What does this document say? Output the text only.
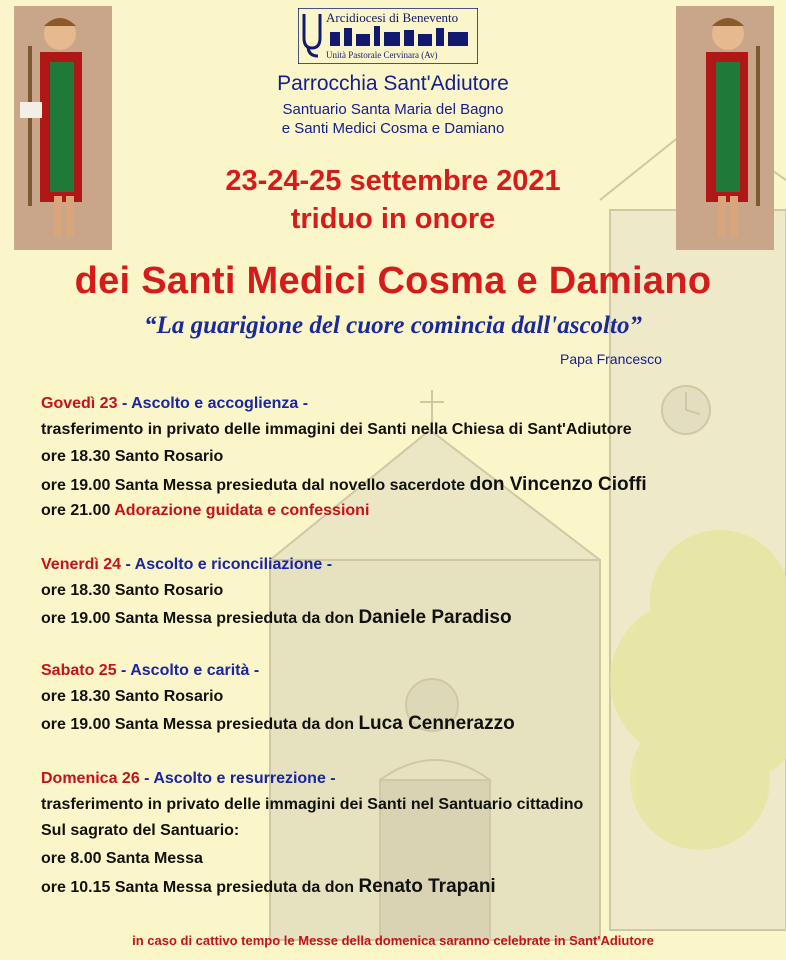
Arcidiocesi di Benevento
Unità Pastorale Cervinara (Av)
Parrocchia Sant'Adiutore
Santuario Santa Maria del Bagno
e Santi Medici Cosma e Damiano
23-24-25 settembre 2021
triduo in onore
dei Santi Medici Cosma e Damiano
“La guarigione del cuore comincia dall'ascolto”
Papa Francesco
Govedì 23 - Ascolto e accoglienza -
trasferimento in privato delle immagini dei Santi nella Chiesa di Sant'Adiutore
ore 18.30 Santo Rosario
ore 19.00 Santa Messa presieduta dal novello sacerdote don Vincenzo Cioffi
ore 21.00 Adorazione guidata e confessioni
Venerdì 24 - Ascolto e riconciliazione -
ore 18.30 Santo Rosario
ore 19.00 Santa Messa presieduta da don Daniele Paradiso
Sabato 25 - Ascolto e carità -
ore 18.30 Santo Rosario
ore 19.00 Santa Messa presieduta da don Luca Cennerazzo
Domenica 26 - Ascolto e resurrezione -
trasferimento in privato delle immagini dei Santi nel Santuario cittadino
Sul sagrato del Santuario:
ore 8.00 Santa Messa
ore 10.15 Santa Messa presieduta da don Renato Trapani
in caso di cattivo tempo le Messe della domenica saranno celebrate in Sant'Adiutore
